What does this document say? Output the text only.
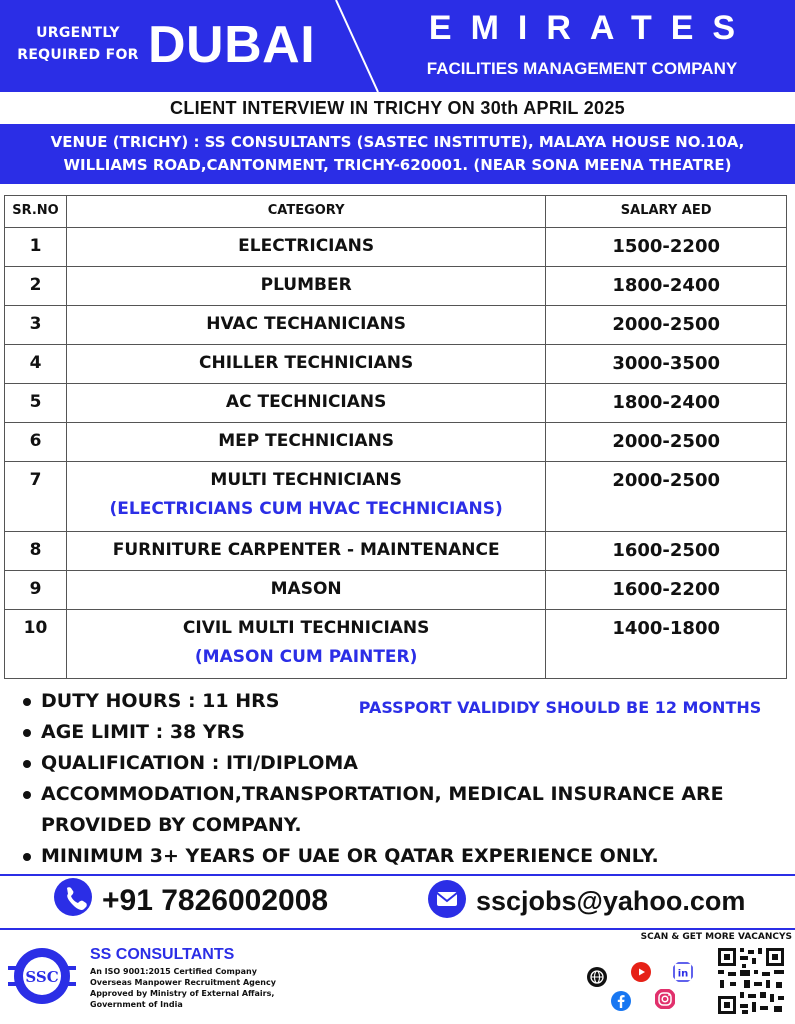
URGENTLY
REQUIRED FOR DUBAI	EMIRATES
FACILITIES MANAGEMENT COMPANY
CLIENT INTERVIEW IN TRICHY ON 30th APRIL 2025
VENUE (TRICHY) : SS CONSULTANTS (SASTEC INSTITUTE), MALAYA HOUSE NO.10A,
WILLIAMS ROAD,CANTONMENT, TRICHY-620001. (NEAR SONA MEENA THEATRE)
SR.NO	CATEGORY	SALARY AED
1	ELECTRICIANS	1500-2200
2	PLUMBER	1800-2400
3	HVAC TECHANICIANS	2000-2500
4	CHILLER TECHNICIANS	3000-3500
5	AC TECHNICIANS	1800-2400
6	MEP TECHNICIANS	2000-2500
7	MULTI TECHNICIANS
(ELECTRICIANS CUM HVAC TECHNICIANS)	2000-2500
8	FURNITURE CARPENTER - MAINTENANCE	1600-2500
9	MASON	1600-2200
10	CIVIL MULTI TECHNICIANS
(MASON CUM PAINTER)	1400-1800
DUTY HOURS : 11 HRS
AGE LIMIT : 38 YRS
QUALIFICATION : ITI/DIPLOMA
ACCOMMODATION,TRANSPORTATION, MEDICAL INSURANCE ARE
PROVIDED BY COMPANY.
MINIMUM 3+ YEARS OF UAE OR QATAR EXPERIENCE ONLY.
PASSPORT VALIDIDY SHOULD BE 12 MONTHS
+91 7826002008	sscjobs@yahoo.com
SSC
SS CONSULTANTS
An ISO 9001:2015 Certified Company
Overseas Manpower Recruitment Agency
Approved by Ministry of External Affairs,
Government of India
SCAN & GET MORE VACANCYS
in
